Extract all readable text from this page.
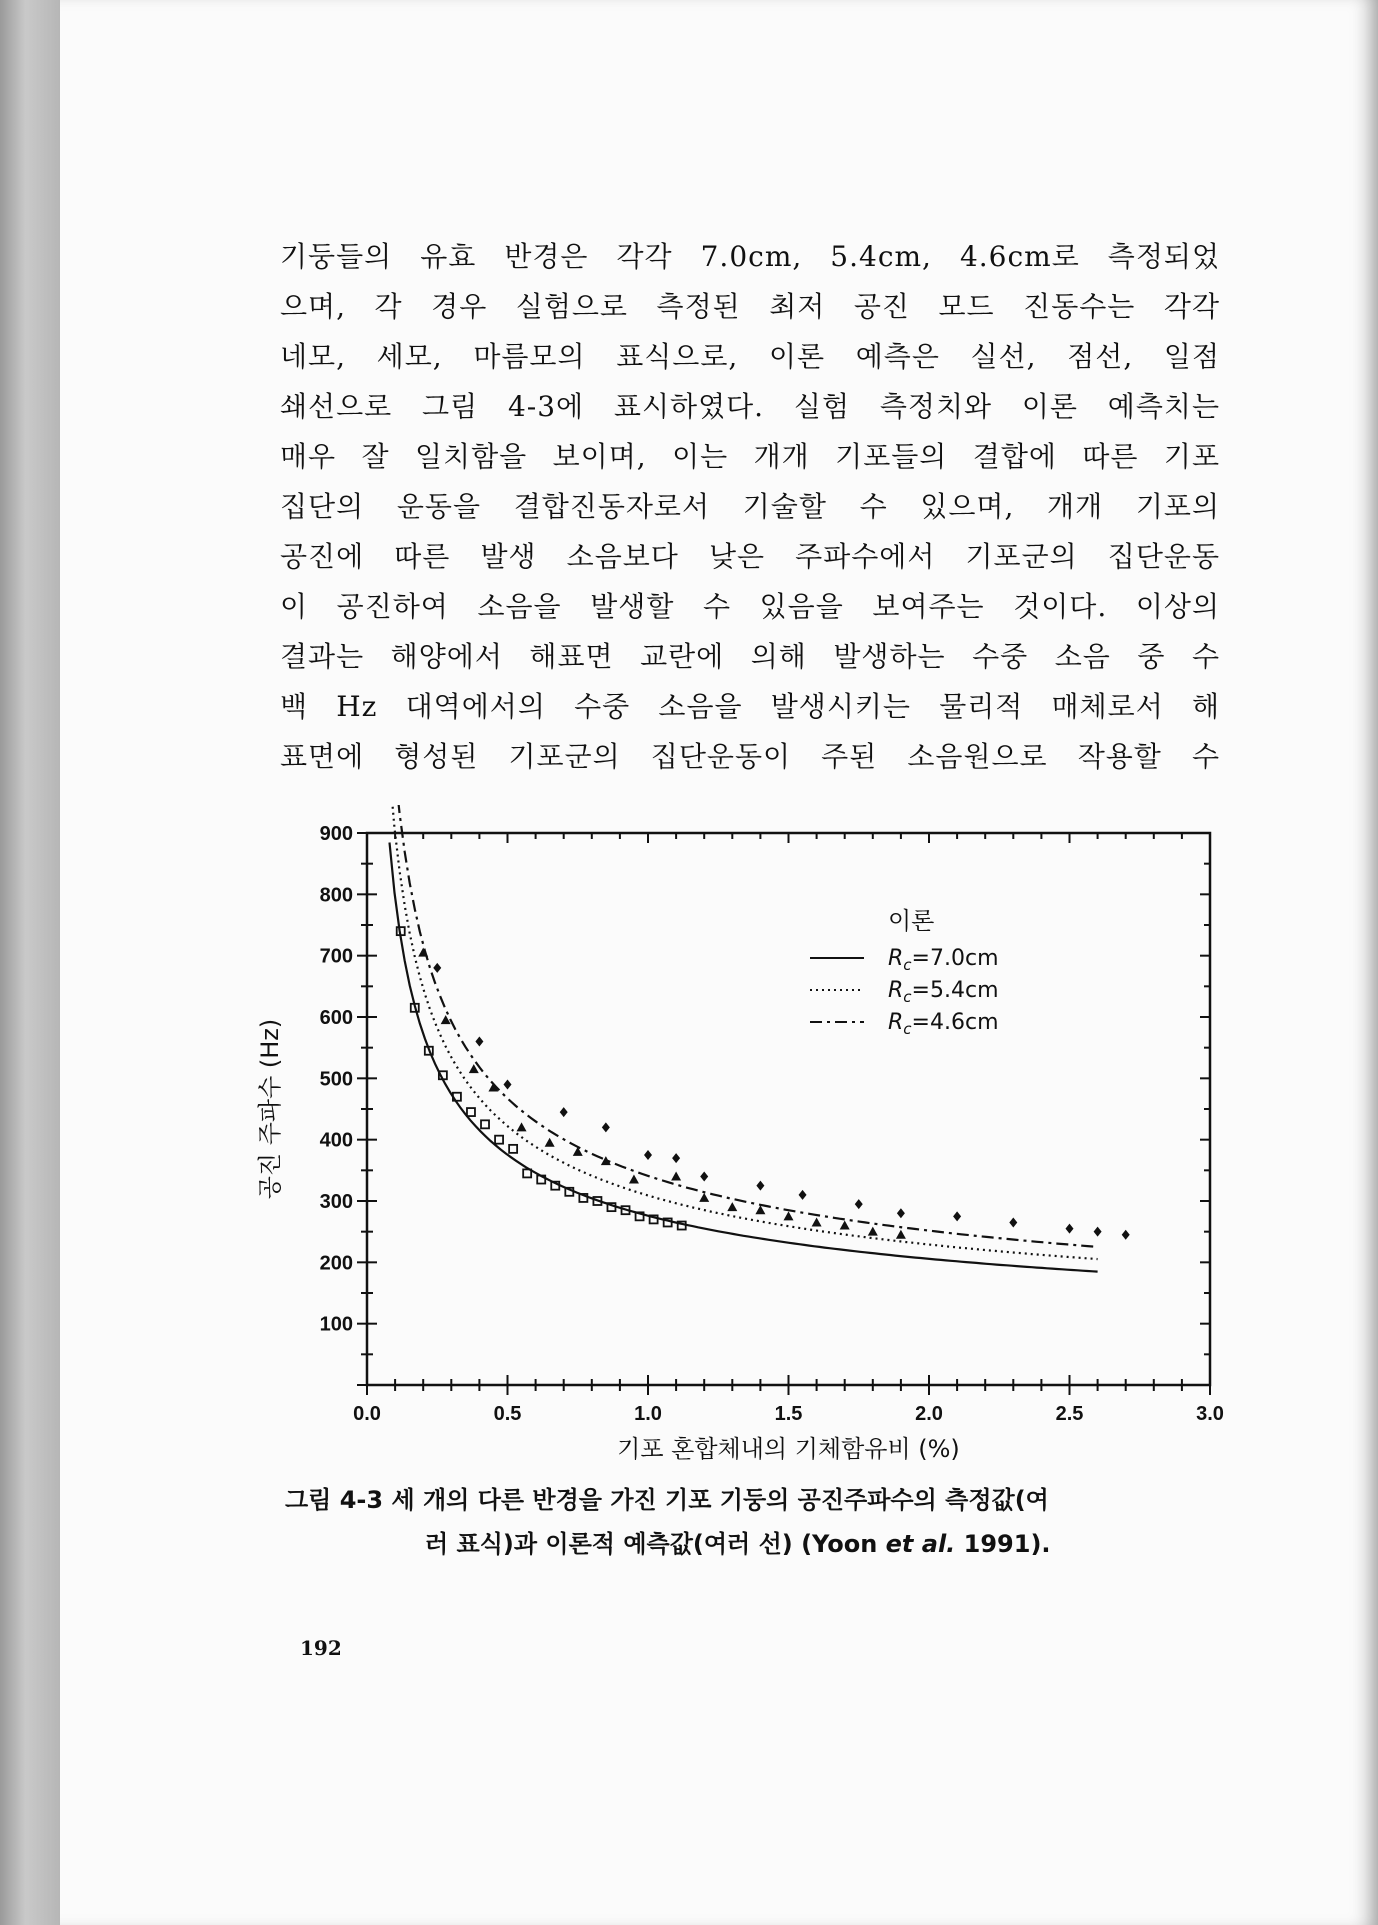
기둥들의 유효 반경은 각각 7.0cm, 5.4cm, 4.6cm로 측정되었
으며, 각 경우 실험으로 측정된 최저 공진 모드 진동수는 각각
네모, 세모, 마름모의 표식으로, 이론 예측은 실선, 점선, 일점
쇄선으로 그림 4-3에 표시하였다. 실험 측정치와 이론 예측치는
매우 잘 일치함을 보이며, 이는 개개 기포들의 결합에 따른 기포
집단의 운동을 결합진동자로서 기술할 수 있으며, 개개 기포의
공진에 따른 발생 소음보다 낮은 주파수에서 기포군의 집단운동
이 공진하여 소음을 발생할 수 있음을 보여주는 것이다. 이상의
결과는 해양에서 해표면 교란에 의해 발생하는 수중 소음 중 수
백 Hz 대역에서의 수중 소음을 발생시키는 물리적 매체로서 해
표면에 형성된 기포군의 집단운동이 주된 소음원으로 작용할 수
100
200
300
400
500
600
700
800
900
0.0	0.5	1.0	1.5	2.0	2.5	3.0
기포 혼합체내의 기체함유비 (%)
공진 주파수 (Hz)
이론
$R_c=7.0cm$
$R_c=5.4cm$
$R_c=4.6cm$
그림 4-3 세 개의 다른 반경을 가진 기포 기둥의 공진주파수의 측정값(여
러 표식)과 이론적 예측값(여러 선) (Yoon et al. 1991).
192
